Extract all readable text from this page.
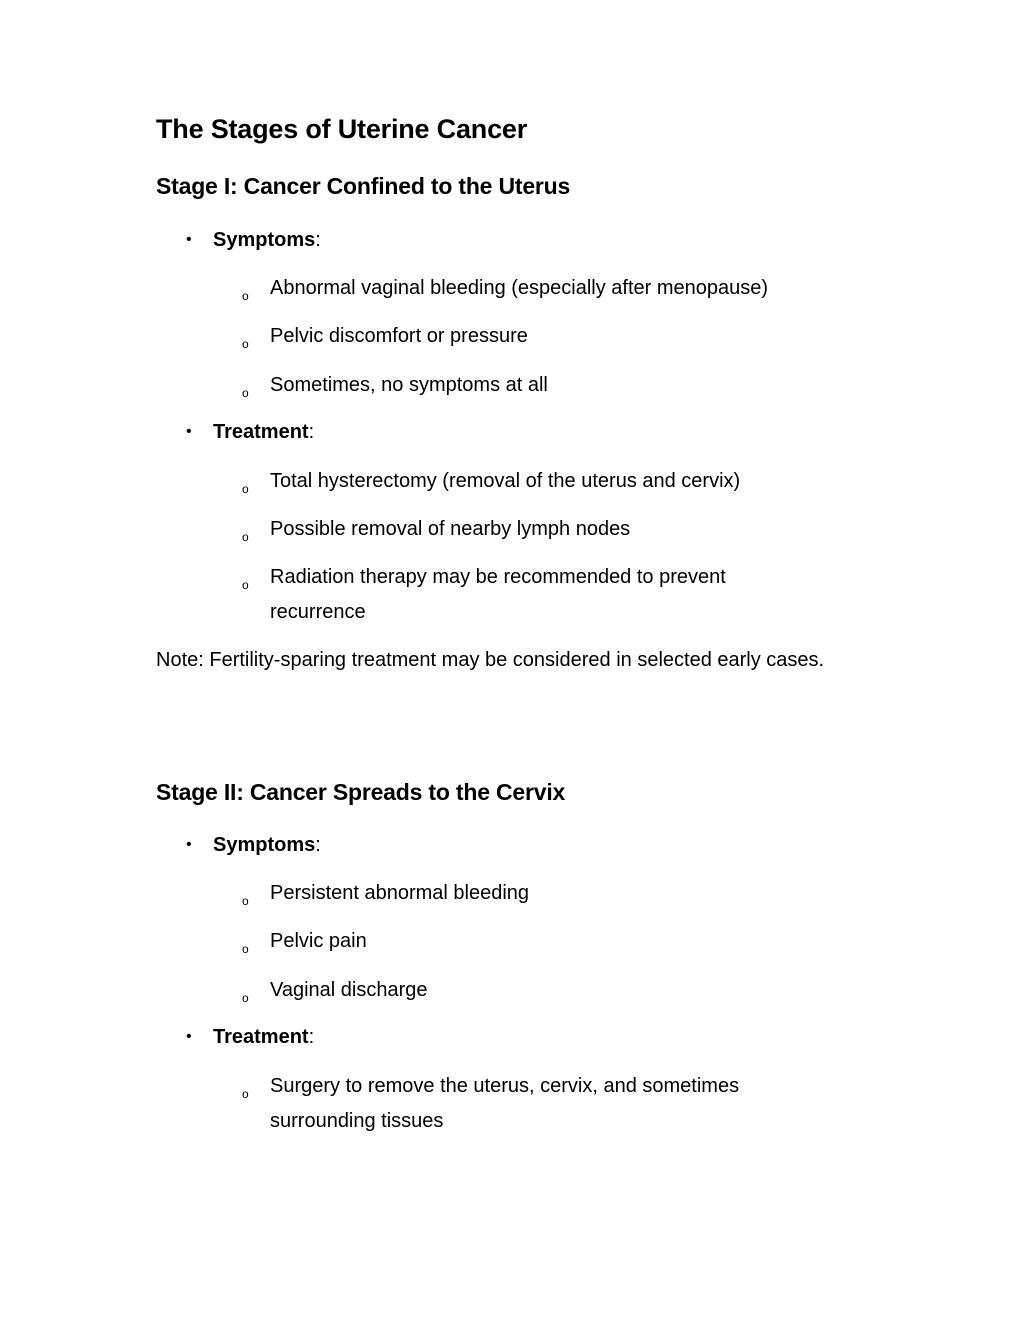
The Stages of Uterine Cancer
Stage I: Cancer Confined to the Uterus
• Symptoms:
o Abnormal vaginal bleeding (especially after menopause)
o Pelvic discomfort or pressure
o Sometimes, no symptoms at all
• Treatment:
o Total hysterectomy (removal of the uterus and cervix)
o Possible removal of nearby lymph nodes
o Radiation therapy may be recommended to prevent recurrence
Note: Fertility-sparing treatment may be considered in selected early cases.
Stage II: Cancer Spreads to the Cervix
• Symptoms:
o Persistent abnormal bleeding
o Pelvic pain
o Vaginal discharge
• Treatment:
o Surgery to remove the uterus, cervix, and sometimes surrounding tissues
